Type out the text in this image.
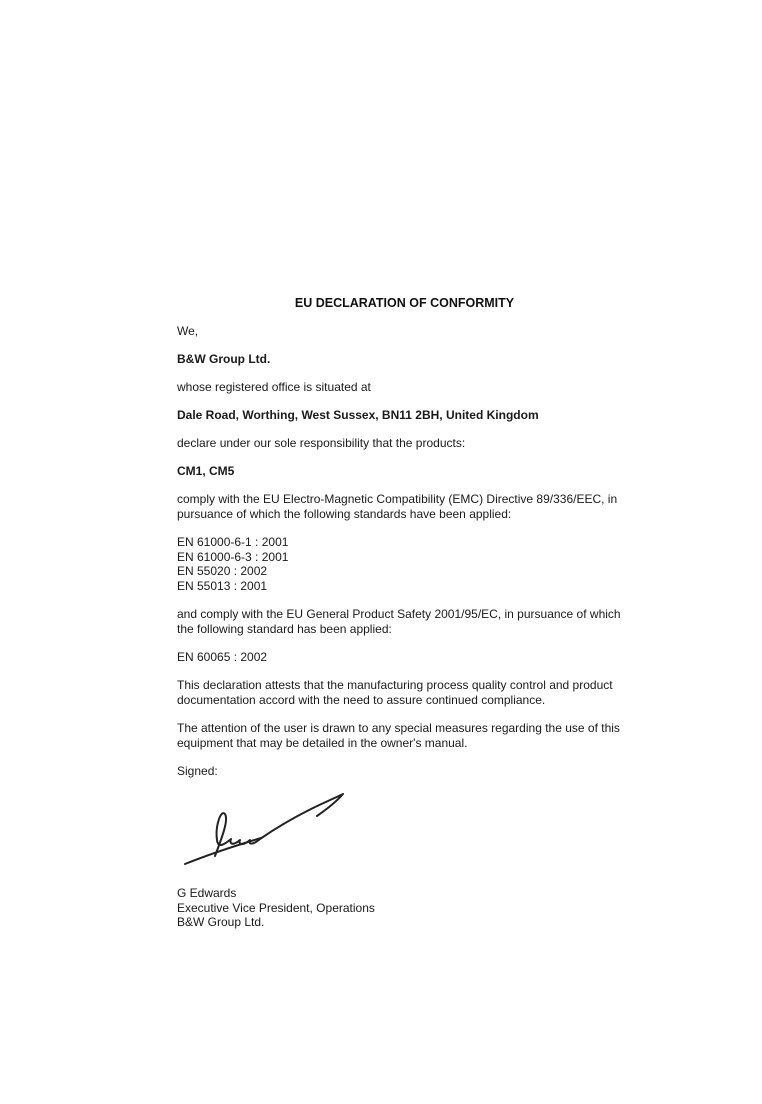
EU DECLARATION OF CONFORMITY

We,

B&W Group Ltd.

whose registered office is situated at

Dale Road, Worthing, West Sussex, BN11 2BH, United Kingdom

declare under our sole responsibility that the products:

CM1, CM5

comply with the EU Electro-Magnetic Compatibility (EMC) Directive 89/336/EEC, in pursuance of which the following standards have been applied:

EN 61000-6-1 : 2001
EN 61000-6-3 : 2001
EN 55020 : 2002
EN 55013 : 2001

and comply with the EU General Product Safety 2001/95/EC, in pursuance of which the following standard has been applied:

EN 60065 : 2002

This declaration attests that the manufacturing process quality control and product documentation accord with the need to assure continued compliance.

The attention of the user is drawn to any special measures regarding the use of this equipment that may be detailed in the owner's manual.

Signed:

G Edwards
Executive Vice President, Operations
B&W Group Ltd.
